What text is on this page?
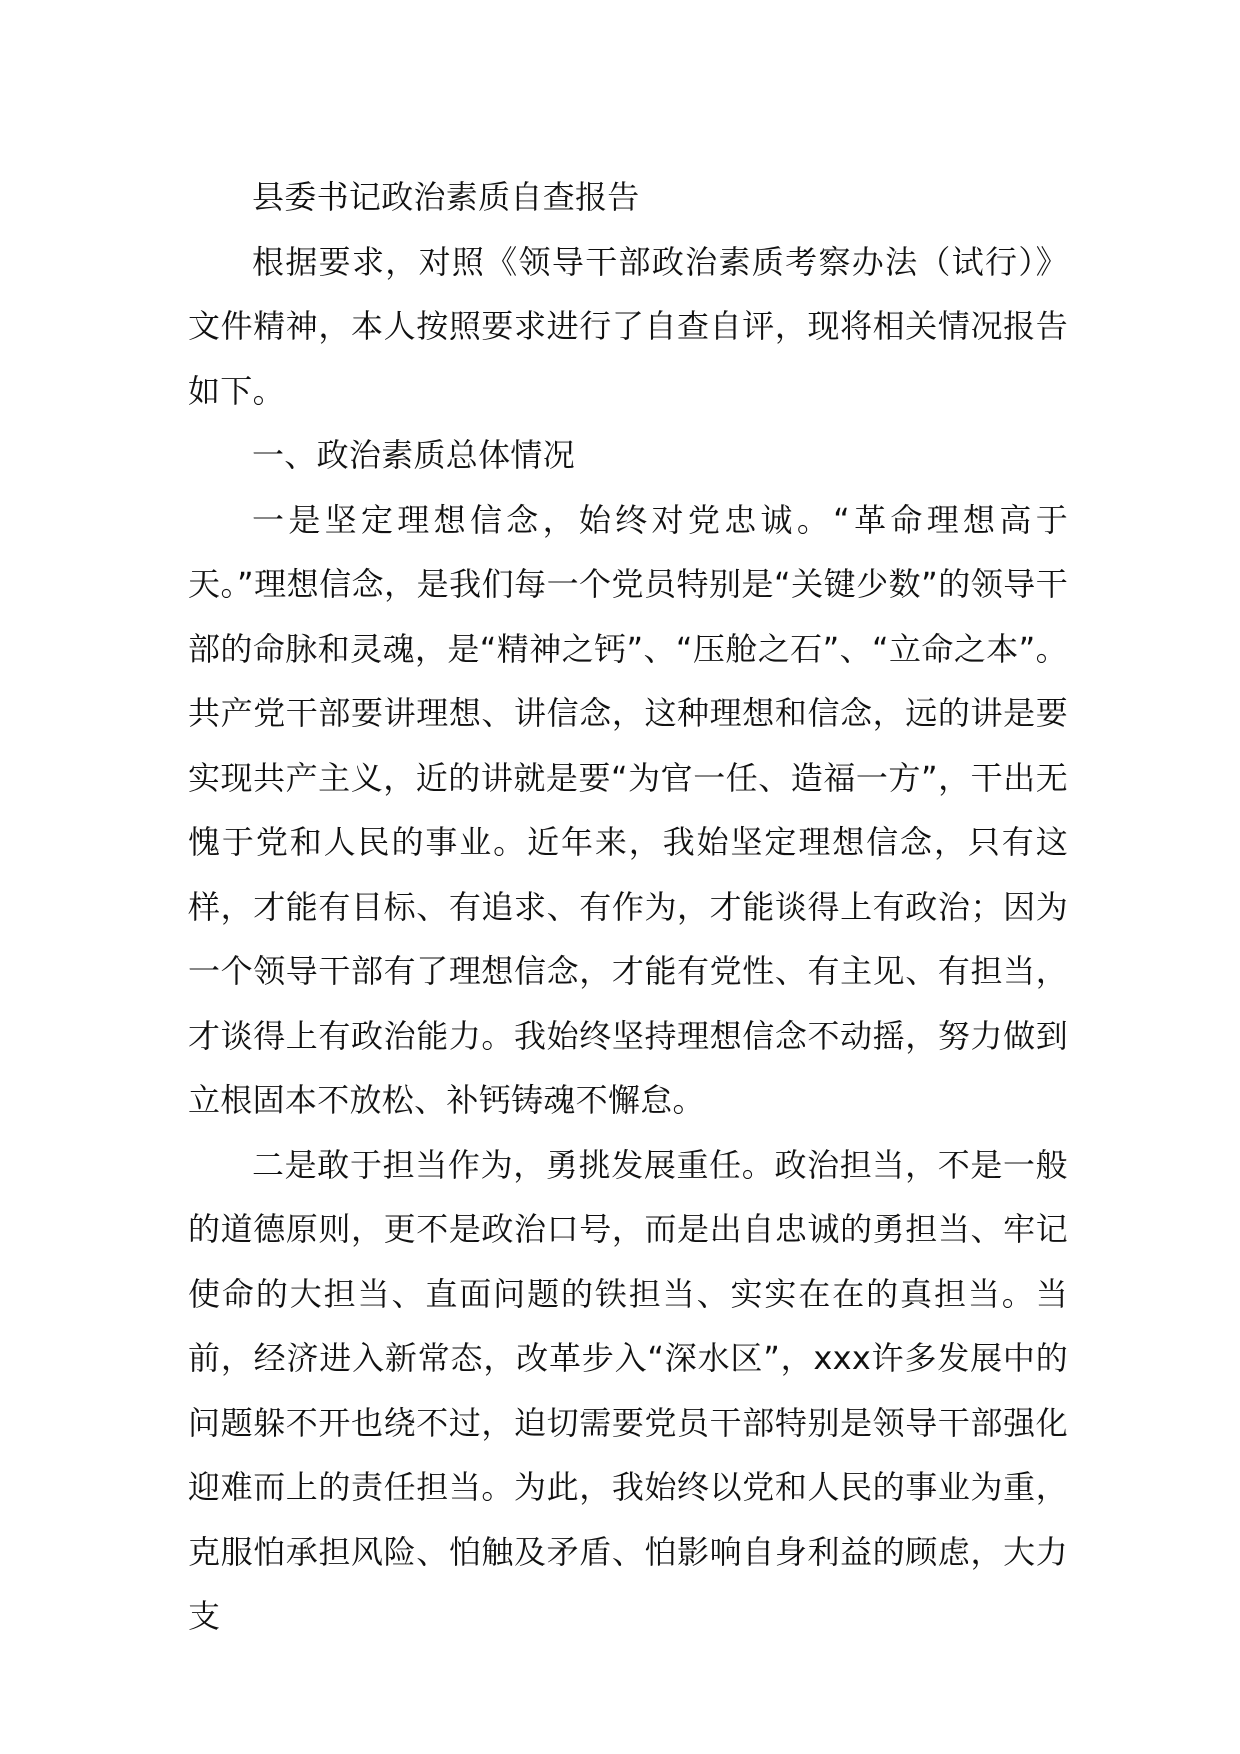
县委书记政治素质自查报告

根据要求，对照《领导干部政治素质考察办法（试行）》文件精神，本人按照要求进行了自查自评，现将相关情况报告如下。

一、政治素质总体情况

一是坚定理想信念，始终对党忠诚。“革命理想高于天。”理想信念，是我们每一个党员特别是“关键少数”的领导干部的命脉和灵魂，是“精神之钙”、“压舱之石”、“立命之本”。共产党干部要讲理想、讲信念，这种理想和信念，远的讲是要实现共产主义，近的讲就是要“为官一任、造福一方”，干出无愧于党和人民的事业。近年来，我始坚定理想信念，只有这样，才能有目标、有追求、有作为，才能谈得上有政治；因为一个领导干部有了理想信念，才能有党性、有主见、有担当，才谈得上有政治能力。我始终坚持理想信念不动摇，努力做到立根固本不放松、补钙铸魂不懈怠。

二是敢于担当作为，勇挑发展重任。政治担当，不是一般的道德原则，更不是政治口号，而是出自忠诚的勇担当、牢记使命的大担当、直面问题的铁担当、实实在在的真担当。当前，经济进入新常态，改革步入“深水区”，xxx许多发展中的问题躲不开也绕不过，迫切需要党员干部特别是领导干部强化迎难而上的责任担当。为此，我始终以党和人民的事业为重，克服怕承担风险、怕触及矛盾、怕影响自身利益的顾虑，大力支
